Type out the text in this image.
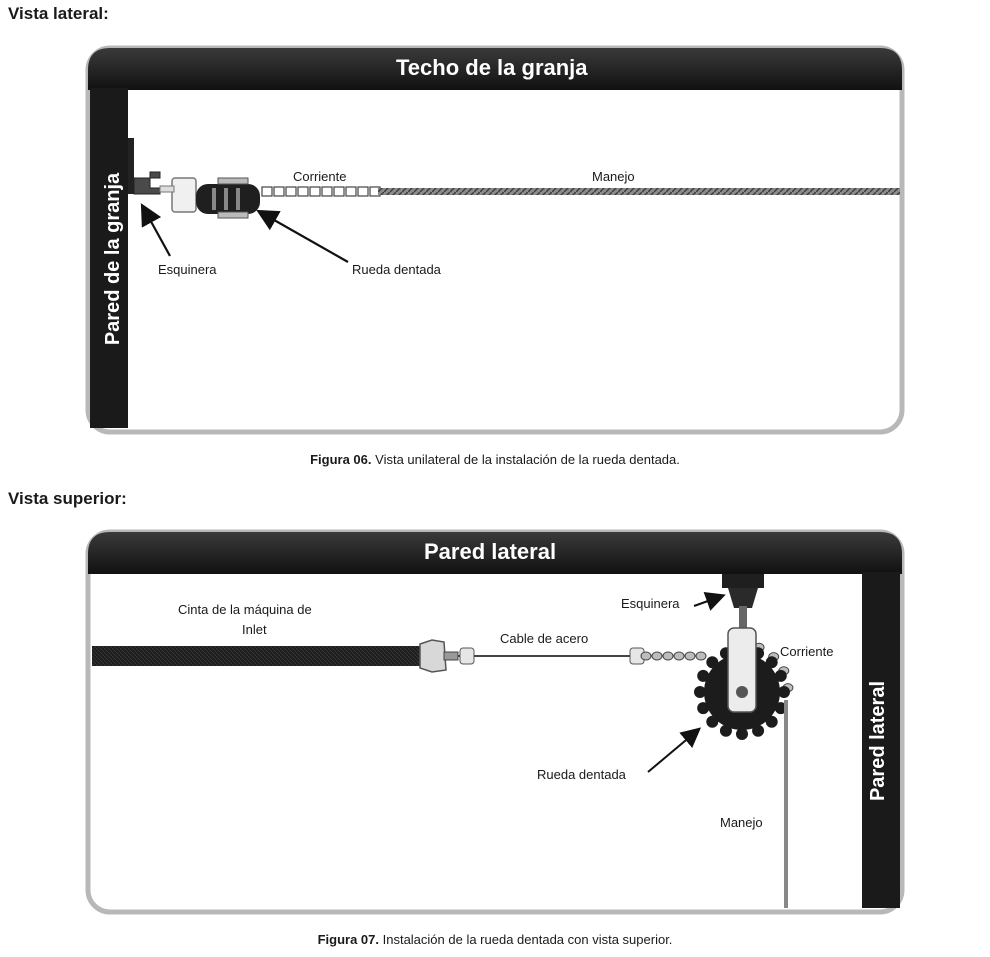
Vista lateral:
Techo de la granja
Pared de la granja	Corriente	Manejo
Esquinera	Rueda dentada
Figura 06. Vista unilateral de la instalación de la rueda dentada.
Vista superior:
Pared lateral
Pared lateral
Cinta de la máquina de
Inlet
Cable de acero
Esquinera
Corriente
Rueda dentada
Manejo
Figura 07. Instalación de la rueda dentada con vista superior.
